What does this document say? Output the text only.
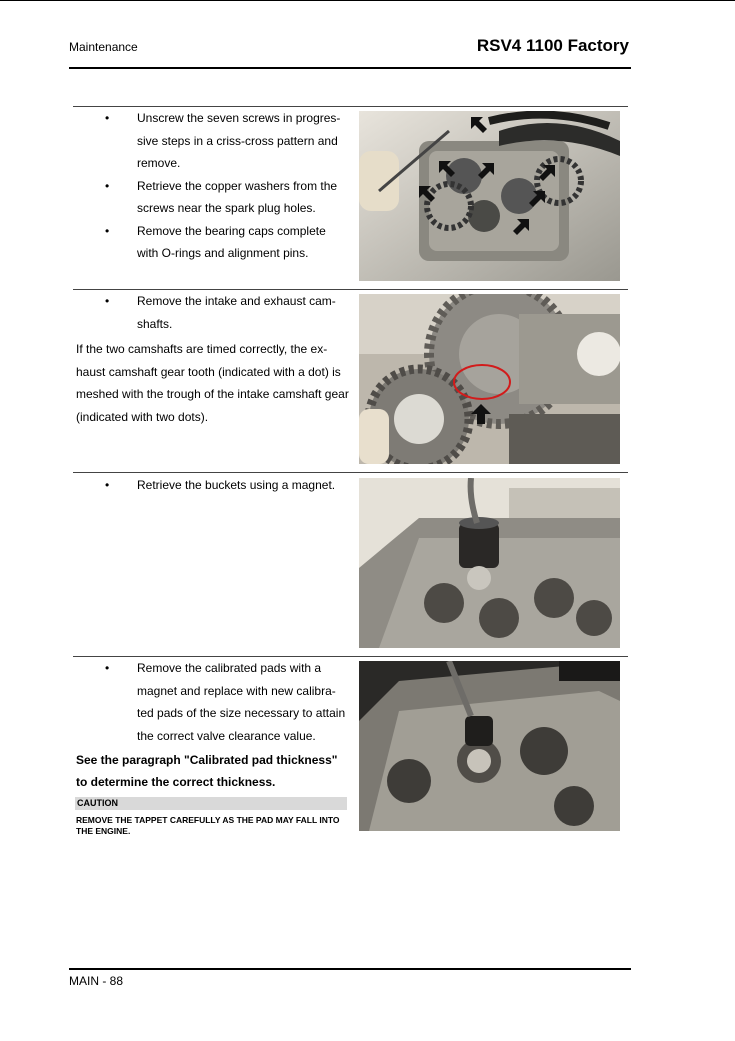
Maintenance	RSV4 1100 Factory
• Unscrew the seven screws in progres-sive steps in a criss-cross pattern and remove.
• Retrieve the copper washers from the screws near the spark plug holes.
• Remove the bearing caps complete with O-rings and alignment pins.
• Remove the intake and exhaust cam-shafts.

If the two camshafts are timed correctly, the ex-haust camshaft gear tooth (indicated with a dot) is meshed with the trough of the intake camshaft gear (indicated with two dots).

• Retrieve the buckets using a magnet.
• Remove the calibrated pads with a magnet and replace with new calibra-ted pads of the size necessary to attain the correct valve clearance value.

See the paragraph "Calibrated pad thickness" to determine the correct thickness.

CAUTION
REMOVE THE TAPPET CAREFULLY AS THE PAD MAY FALL INTO THE ENGINE.
MAIN - 88
